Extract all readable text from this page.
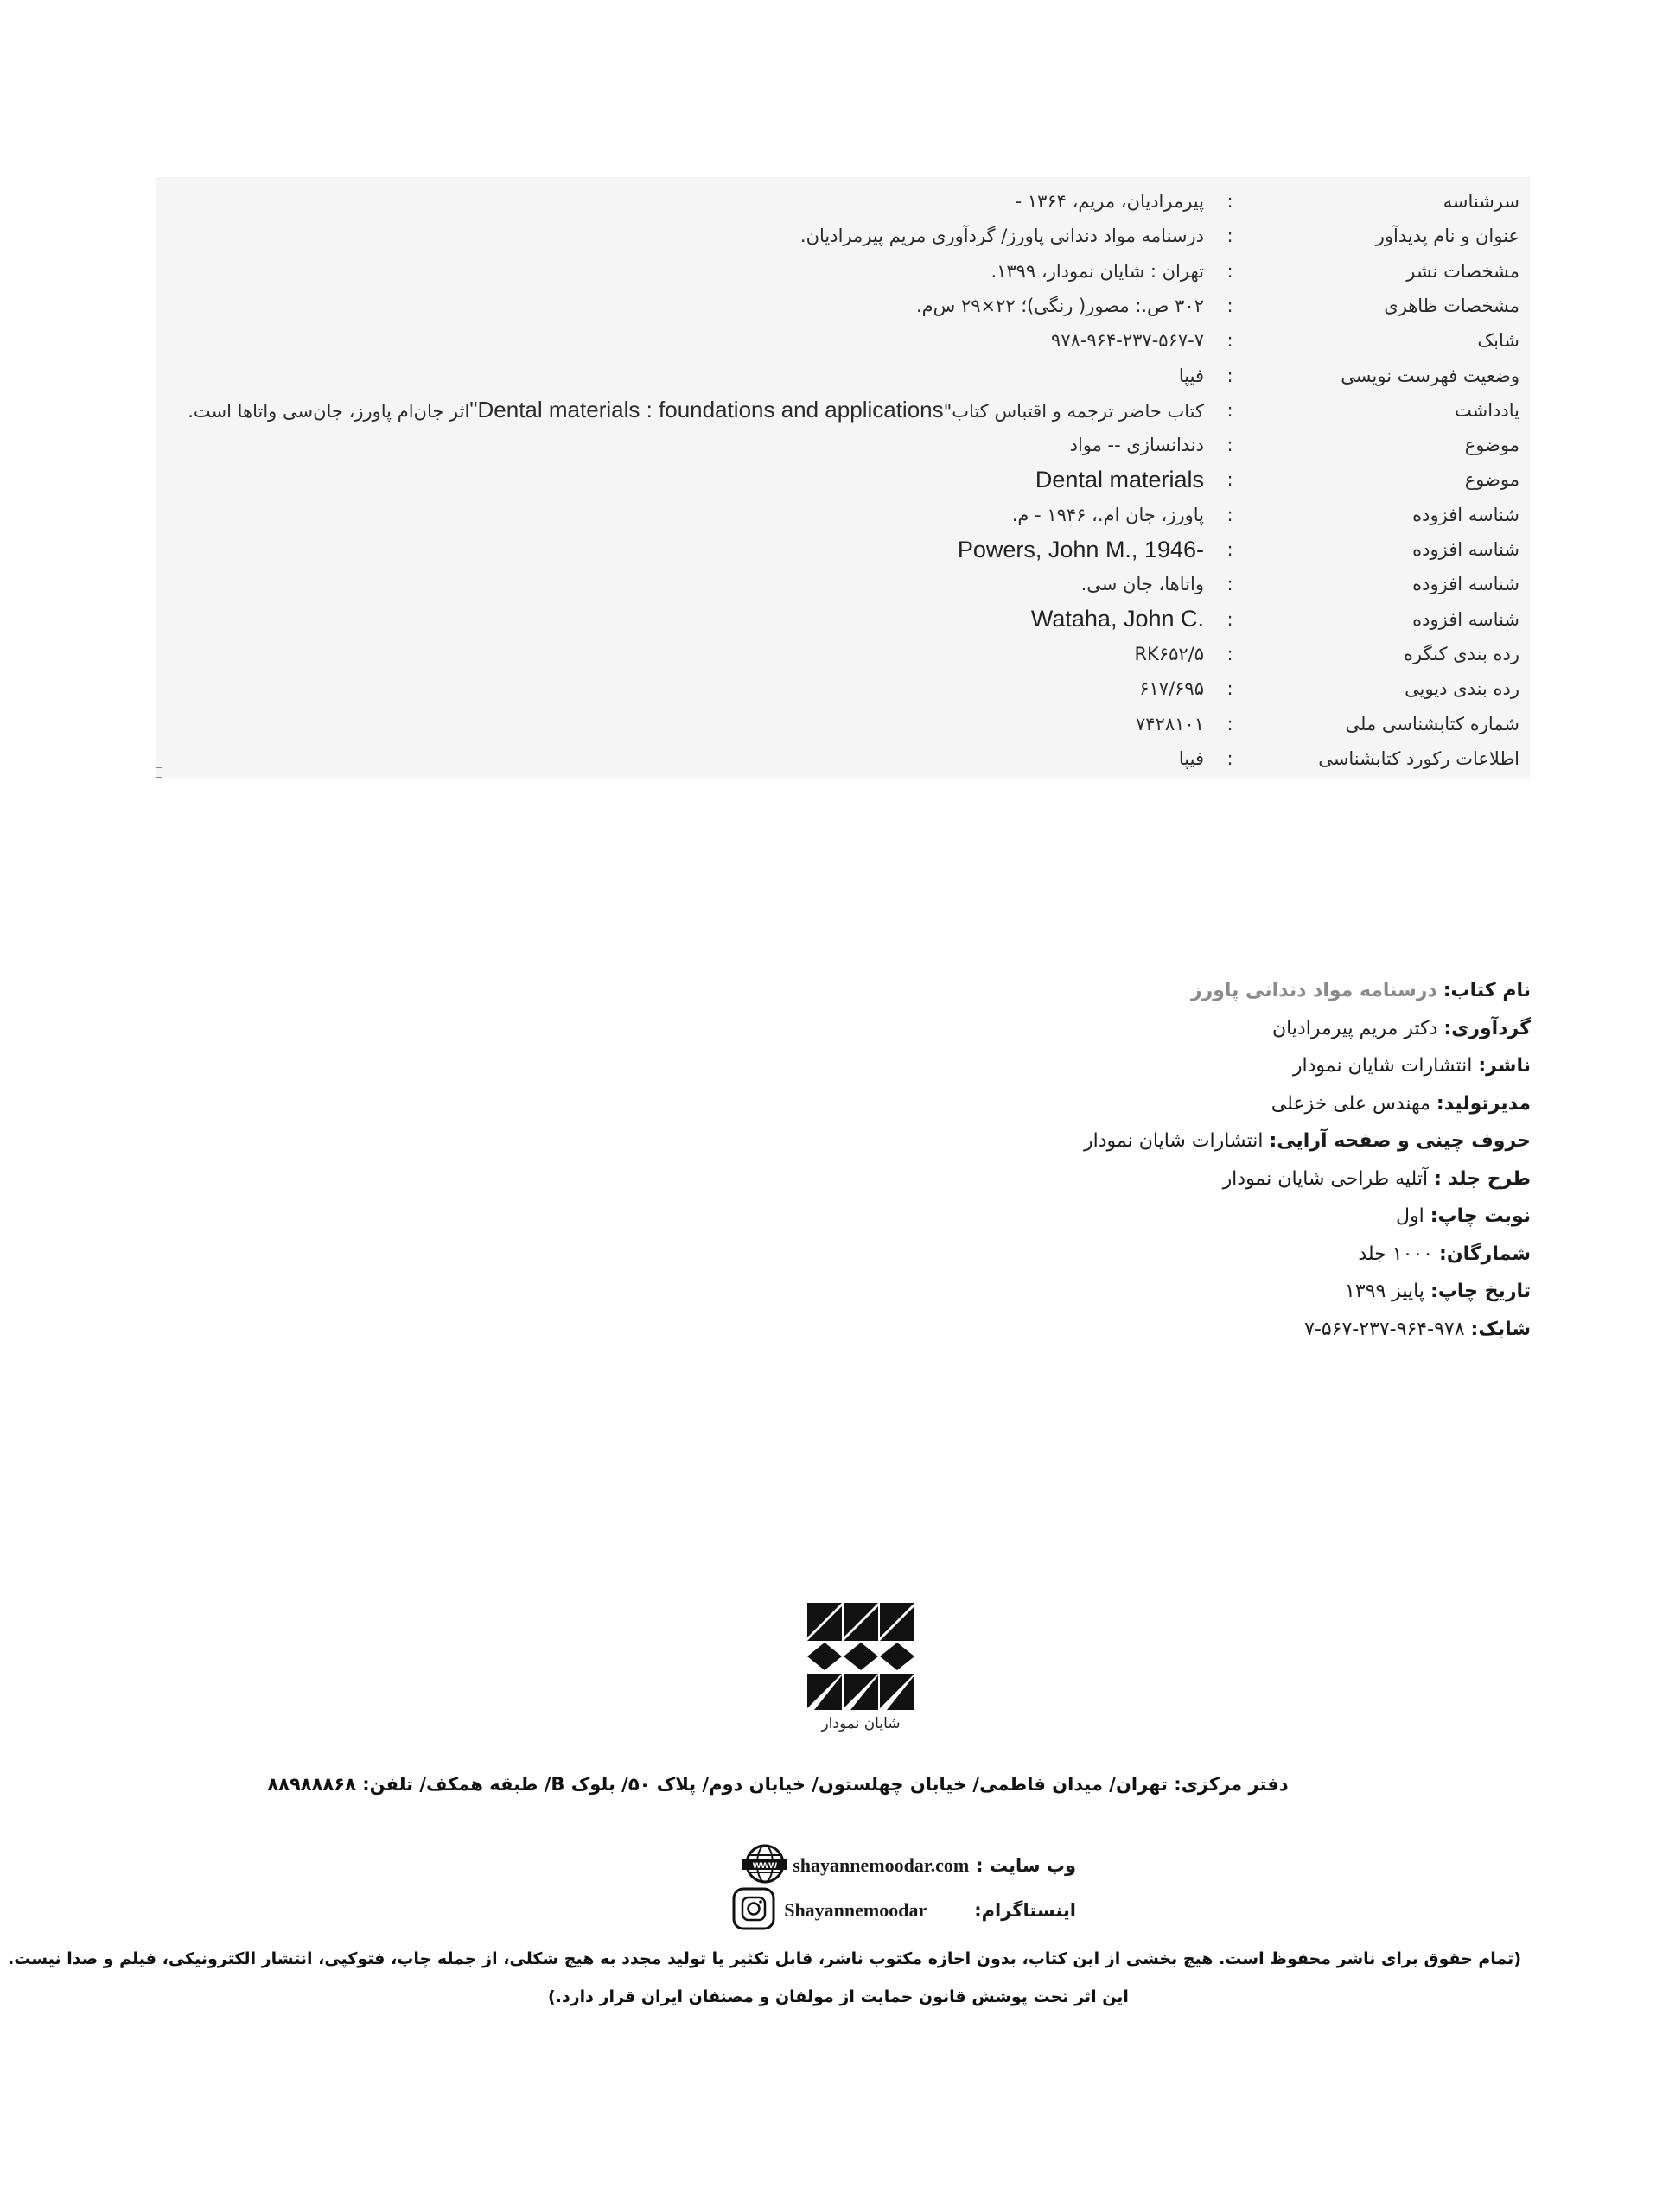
سرشناسه
:
پیرمرادیان، مریم، ۱۳۶۴ -
عنوان و نام پدیدآور
:
درسنامه مواد دندانی پاورز/ گردآوری مریم پیرمرادیان.
مشخصات نشر
:
تهران : شایان نمودار، ۱۳۹۹.
مشخصات ظاهری
:
۳۰۲ ص.: مصور( رنگی)؛ ۲۲×۲۹ س‌م.
شابک
:
۹۷۸-۹۶۴-۲۳۷-۵۶۷-۷
وضعیت فهرست نویسی
:
فیپا
یادداشت
:
کتاب حاضر ترجمه و اقتباس کتاب"Dental materials : foundations and applications"اثر جان‌ام پاورز، جان‌سی واتاها است.
موضوع
:
دندانسازی -- مواد
موضوع
:
Dental materials
شناسه افزوده
:
پاورز، جان ام.، ۱۹۴۶ - م.
شناسه افزوده
:
Powers, John M., 1946-
شناسه افزوده
:
واتاها، جان سی.
شناسه افزوده
:
Wataha, John C.
رده بندی کنگره
:
RK۶۵۲/۵
رده بندی دیویی
:
۶۱۷/۶۹۵
شماره کتابشناسی ملی
:
۷۴۲۸۱۰۱
اطلاعات رکورد کتابشناسی
:
فیپا
نام کتاب: درسنامه مواد دندانی پاورز
گردآوری: دکتر مریم پیرمرادیان
ناشر: انتشارات شایان نمودار
مدیرتولید: مهندس علی خزعلی
حروف چینی و صفحه آرایی: انتشارات شایان نمودار
طرح جلد : آتلیه طراحی شایان نمودار
نوبت چاپ: اول
شمارگان: ۱۰۰۰ جلد
تاریخ چاپ: پاییز ۱۳۹۹
شابک: ۹۷۸-۹۶۴-۲۳۷-۵۶۷-۷
شایان نمودار
دفتر مرکزی: تهران/ میدان فاطمی/ خیابان چهلستون/ خیابان دوم/ پلاک ۵۰/ بلوک B/ طبقه همکف/ تلفن: ۸۸۹۸۸۸۶۸
وب سایت :
shayannemoodar.com
www
اینستاگرام:
Shayannemoodar
(تمام حقوق برای ناشر محفوظ است. هیچ بخشی از این کتاب، بدون اجازه مکتوب ناشر، قابل تکثیر یا تولید مجدد به هیچ شکلی، از جمله چاپ، فتوکپی، انتشار الکترونیکی، فیلم و صدا نیست.
این اثر تحت پوشش قانون حمایت از مولفان و مصنفان ایران قرار دارد.)
